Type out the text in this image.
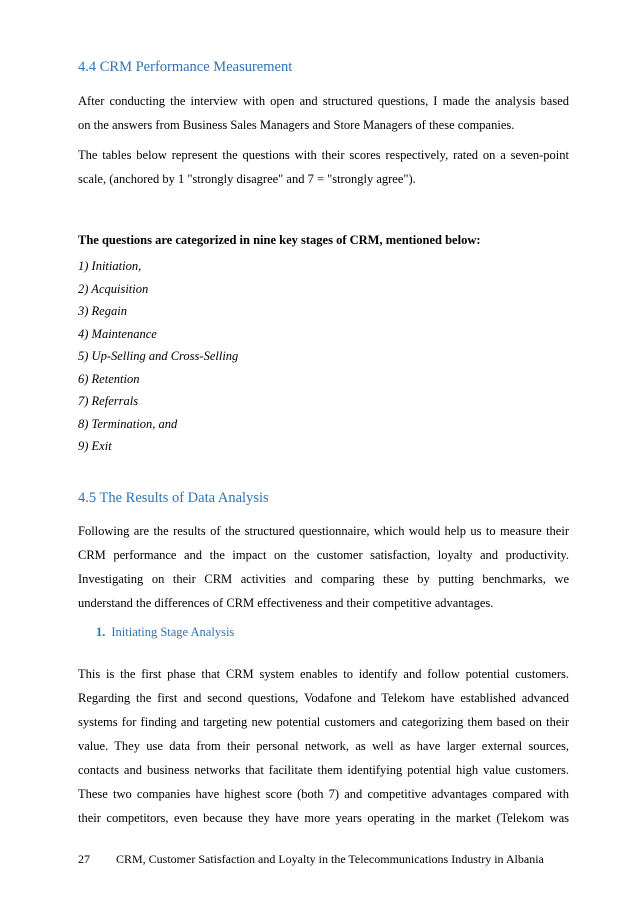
4.4 CRM Performance Measurement
After conducting the interview with open and structured questions, I made the analysis based
on the answers from Business Sales Managers and Store Managers of these companies.
The tables below represent the questions with their scores respectively, rated on a seven-point
scale, (anchored by 1 "strongly disagree" and 7 = "strongly agree").
The questions are categorized in nine key stages of CRM, mentioned below:
1) Initiation,
2) Acquisition
3) Regain
4) Maintenance
5) Up-Selling and Cross-Selling
6) Retention
7) Referrals
8) Termination, and
9) Exit
4.5 The Results of Data Analysis
Following are the results of the structured questionnaire, which would help us to measure their
CRM performance and the impact on the customer satisfaction, loyalty and productivity.
Investigating on their CRM activities and comparing these by putting benchmarks, we
understand the differences of CRM effectiveness and their competitive advantages.
1. Initiating Stage Analysis
This is the first phase that CRM system enables to identify and follow potential customers.
Regarding the first and second questions, Vodafone and Telekom have established advanced
systems for finding and targeting new potential customers and categorizing them based on their
value. They use data from their personal network, as well as have larger external sources,
contacts and business networks that facilitate them identifying potential high value customers.
These two companies have highest score (both 7) and competitive advantages compared with
their competitors, even because they have more years operating in the market (Telekom was
27 CRM, Customer Satisfaction and Loyalty in the Telecommunications Industry in Albania
